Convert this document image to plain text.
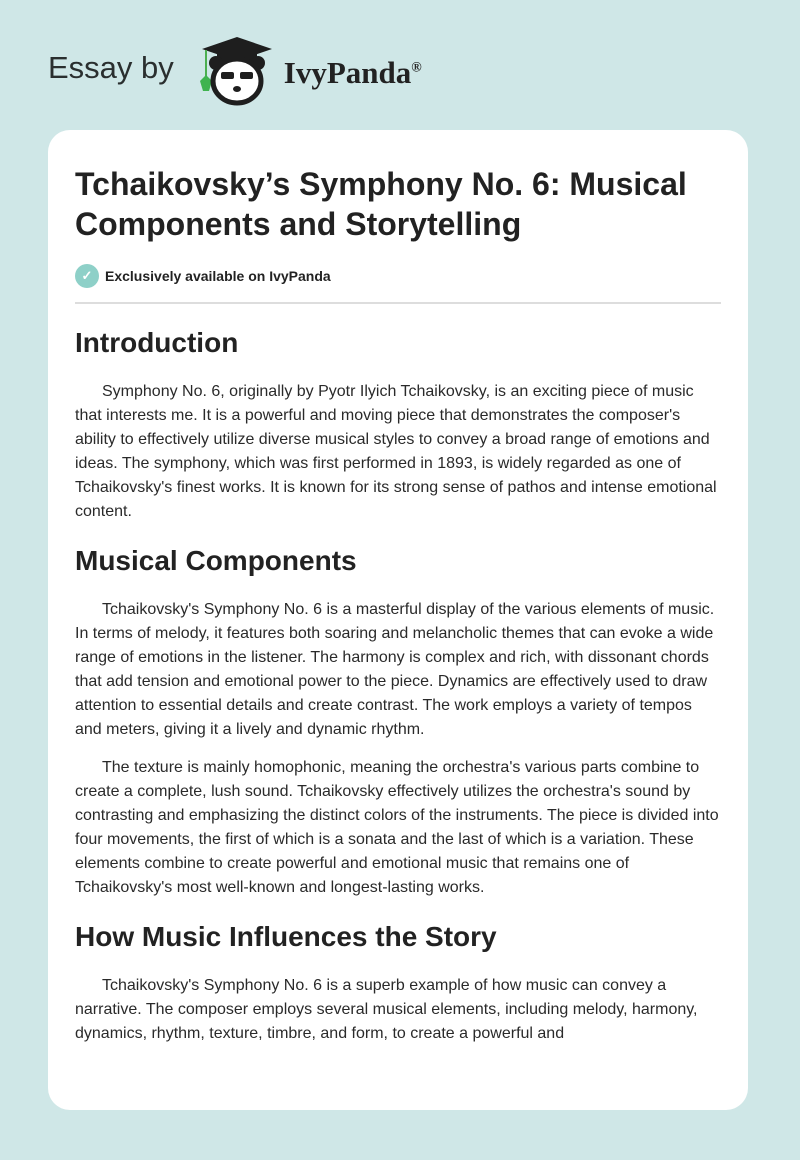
Essay by	IvyPanda®
Tchaikovsky’s Symphony No. 6: Musical Components and Storytelling
✓ Exclusively available on IvyPanda
Introduction

Symphony No. 6, originally by Pyotr Ilyich Tchaikovsky, is an exciting piece of music that interests me. It is a powerful and moving piece that demonstrates the composer's ability to effectively utilize diverse musical styles to convey a broad range of emotions and ideas. The symphony, which was first performed in 1893, is widely regarded as one of Tchaikovsky's finest works. It is known for its strong sense of pathos and intense emotional content.

Musical Components

Tchaikovsky's Symphony No. 6 is a masterful display of the various elements of music. In terms of melody, it features both soaring and melancholic themes that can evoke a wide range of emotions in the listener. The harmony is complex and rich, with dissonant chords that add tension and emotional power to the piece. Dynamics are effectively used to draw attention to essential details and create contrast. The work employs a variety of tempos and meters, giving it a lively and dynamic rhythm.

The texture is mainly homophonic, meaning the orchestra's various parts combine to create a complete, lush sound. Tchaikovsky effectively utilizes the orchestra's sound by contrasting and emphasizing the distinct colors of the instruments. The piece is divided into four movements, the first of which is a sonata and the last of which is a variation. These elements combine to create powerful and emotional music that remains one of Tchaikovsky's most well-known and longest-lasting works.

How Music Influences the Story

Tchaikovsky's Symphony No. 6 is a superb example of how music can convey a narrative. The composer employs several musical elements, including melody, harmony, dynamics, rhythm, texture, timbre, and form, to create a powerful and
